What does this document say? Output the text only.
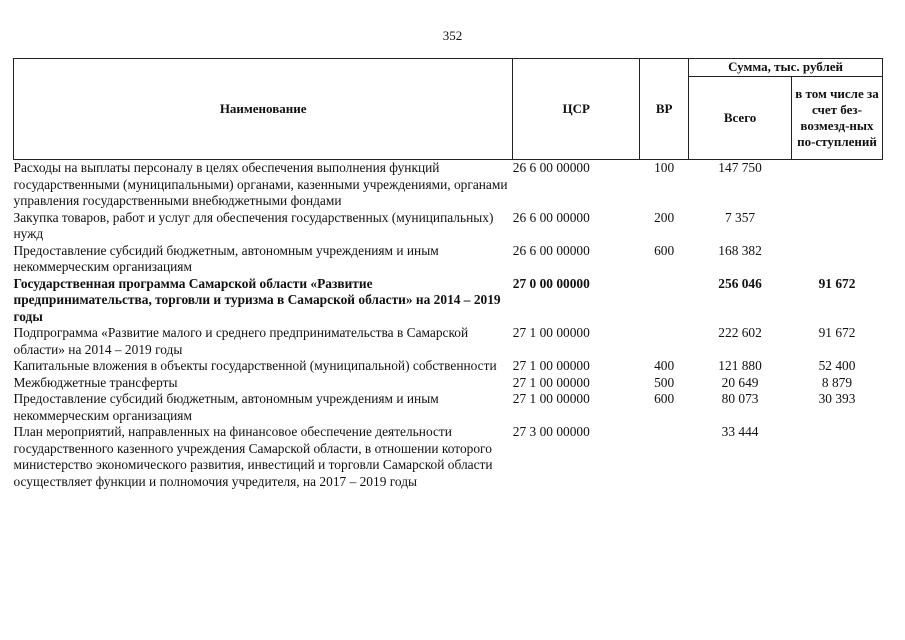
352
Наименование	ЦСР	ВР	Сумма, тыс. рублей	
			Всего	в том числе за счет без-возмезд-ных по-ступлений
Расходы на выплаты персоналу в целях обеспечения выполнения функций государственными (муниципальными) органами, казенными учреждениями, органами управления государственными внебюджетными фондами	26 6 00 00000	100	147 750	
Закупка товаров, работ и услуг для обеспечения государственных (муниципальных) нужд	26 6 00 00000	200	7 357	
Предоставление субсидий бюджетным, автономным учреждениям и иным некоммерческим организациям	26 6 00 00000	600	168 382	
Государственная программа Самарской области «Развитие предпринимательства, торговли и туризма в Самарской области» на 2014 – 2019 годы	27 0 00 00000		256 046	91 672
Подпрограмма «Развитие малого и среднего предпринимательства в Самарской области» на 2014 – 2019 годы	27 1 00 00000		222 602	91 672
Капитальные вложения в объекты государственной (муниципальной) собственности	27 1 00 00000	400	121 880	52 400
Межбюджетные трансферты	27 1 00 00000	500	20 649	8 879
Предоставление субсидий бюджетным, автономным учреждениям и иным некоммерческим организациям	27 1 00 00000	600	80 073	30 393
План мероприятий, направленных на финансовое обеспечение деятельности государственного казенного учреждения Самарской области, в отношении которого министерство экономического развития, инвестиций и торговли Самарской области осуществляет функции и полномочия учредителя, на 2017 – 2019 годы	27 3 00 00000		33 444	
